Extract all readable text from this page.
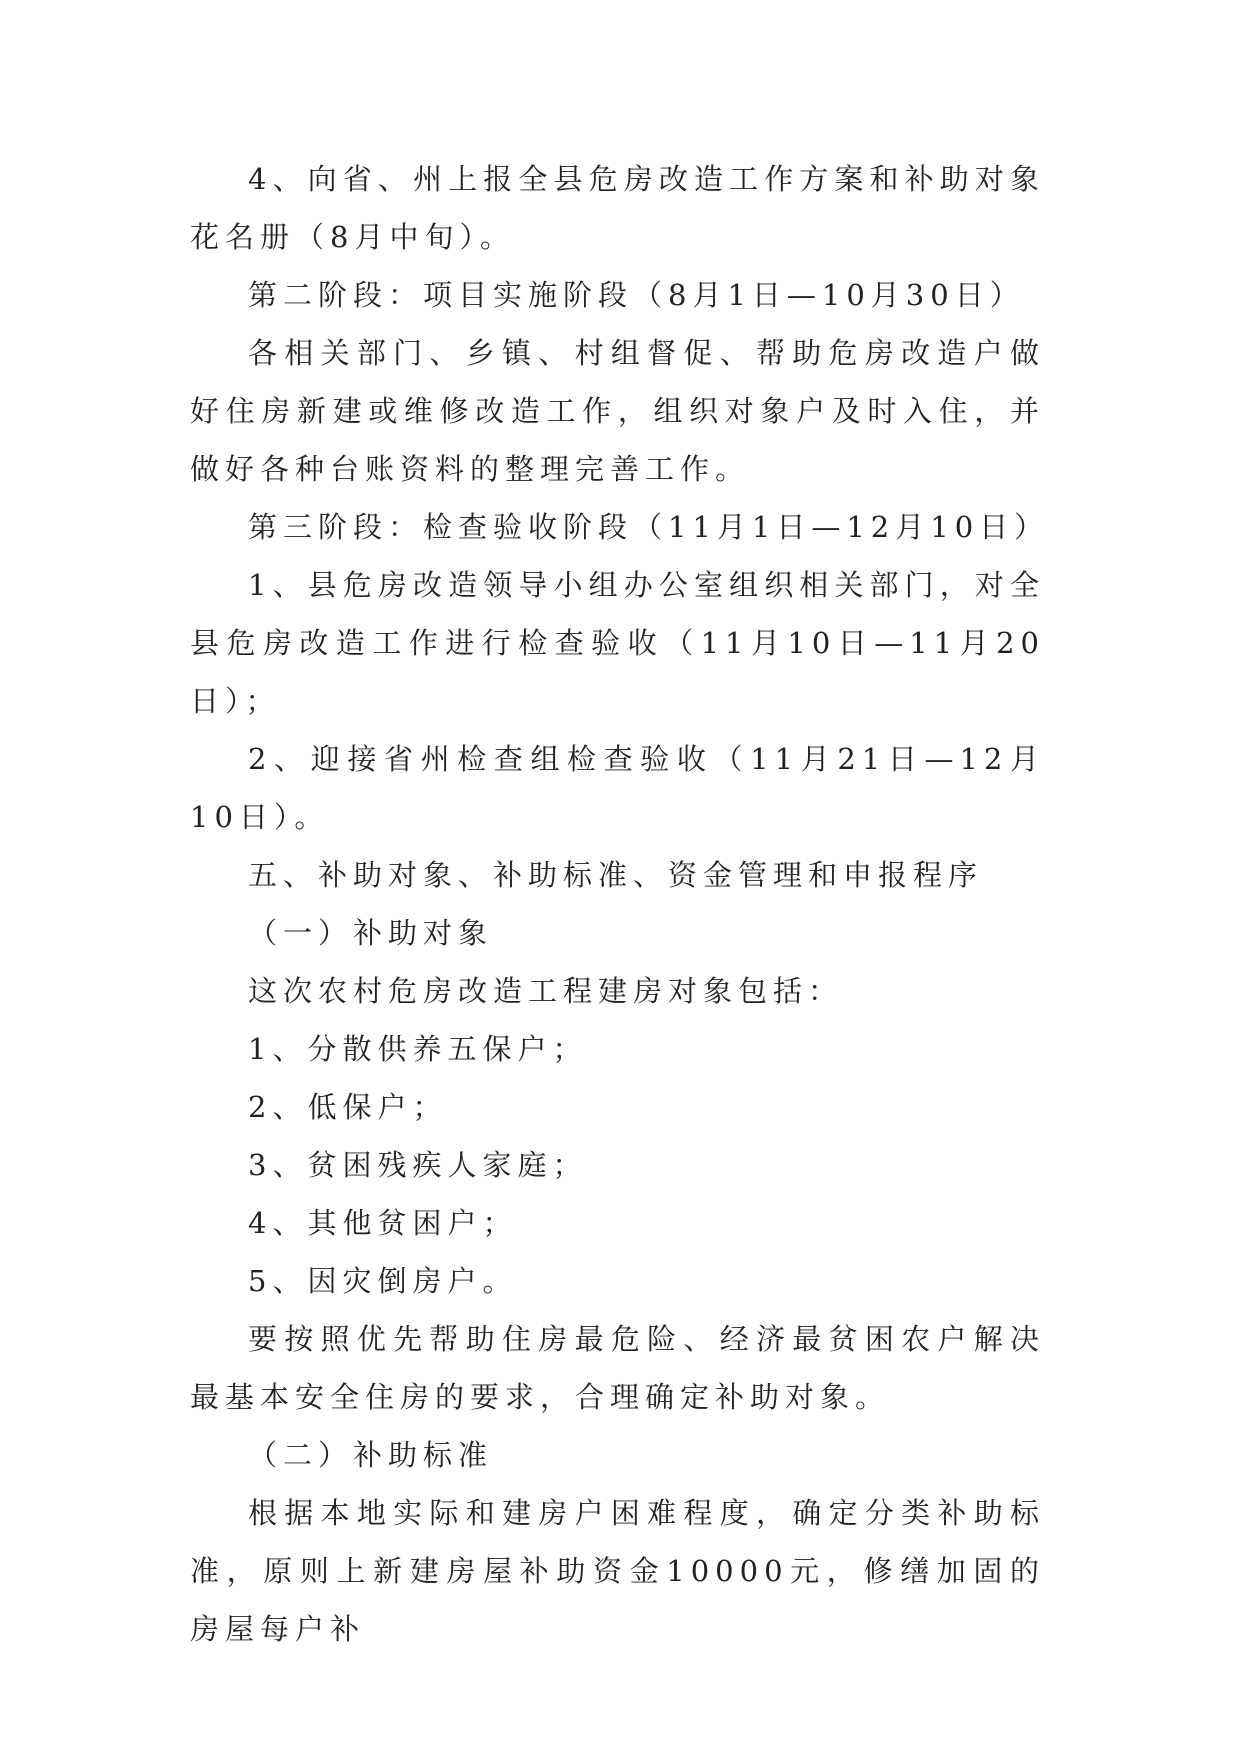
4、向省、州上报全县危房改造工作方案和补助对象花名册（8月中旬）。

第二阶段：项目实施阶段（8月1日—10月30日）

各相关部门、乡镇、村组督促、帮助危房改造户做好住房新建或维修改造工作，组织对象户及时入住，并做好各种台账资料的整理完善工作。

第三阶段：检查验收阶段（11月1日—12月10日）

1、县危房改造领导小组办公室组织相关部门，对全县危房改造工作进行检查验收（11月10日—11月20日）；

2、迎接省州检查组检查验收（11月21日—12月10日）。

五、补助对象、补助标准、资金管理和申报程序

（一）补助对象

这次农村危房改造工程建房对象包括：

1、分散供养五保户；

2、低保户；

3、贫困残疾人家庭；

4、其他贫困户；

5、因灾倒房户。

要按照优先帮助住房最危险、经济最贫困农户解决最基本安全住房的要求，合理确定补助对象。

（二）补助标准

根据本地实际和建房户困难程度，确定分类补助标准，原则上新建房屋补助资金10000元，修缮加固的房屋每户补
